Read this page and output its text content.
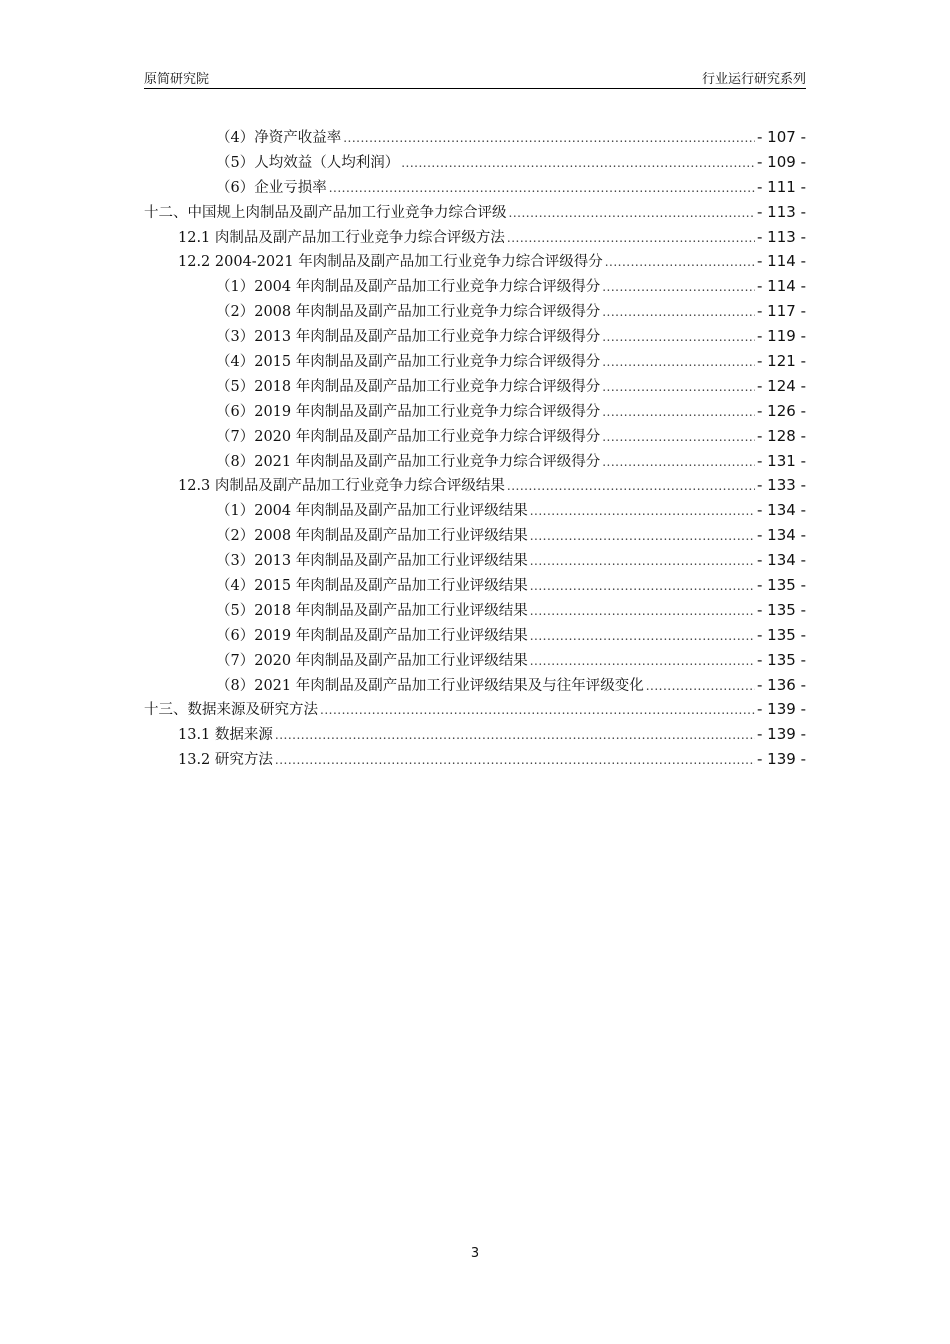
原简研究院	行业运行研究系列
（4）净资产收益率 .....	- 107 -
（5）人均效益（人均利润） .....	- 109 -
（6）企业亏损率 .....	- 111 -
十二、中国规上肉制品及副产品加工行业竞争力综合评级 .....	- 113 -
12.1 肉制品及副产品加工行业竞争力综合评级方法 .....	- 113 -
12.2 2004-2021 年肉制品及副产品加工行业竞争力综合评级得分 .....	- 114 -
（1）2004 年肉制品及副产品加工行业竞争力综合评级得分 .....	- 114 -
（2）2008 年肉制品及副产品加工行业竞争力综合评级得分 .....	- 117 -
（3）2013 年肉制品及副产品加工行业竞争力综合评级得分 .....	- 119 -
（4）2015 年肉制品及副产品加工行业竞争力综合评级得分 .....	- 121 -
（5）2018 年肉制品及副产品加工行业竞争力综合评级得分 .....	- 124 -
（6）2019 年肉制品及副产品加工行业竞争力综合评级得分 .....	- 126 -
（7）2020 年肉制品及副产品加工行业竞争力综合评级得分 .....	- 128 -
（8）2021 年肉制品及副产品加工行业竞争力综合评级得分 .....	- 131 -
12.3 肉制品及副产品加工行业竞争力综合评级结果 .....	- 133 -
（1）2004 年肉制品及副产品加工行业评级结果 .....	- 134 -
（2）2008 年肉制品及副产品加工行业评级结果 .....	- 134 -
（3）2013 年肉制品及副产品加工行业评级结果 .....	- 134 -
（4）2015 年肉制品及副产品加工行业评级结果 .....	- 135 -
（5）2018 年肉制品及副产品加工行业评级结果 .....	- 135 -
（6）2019 年肉制品及副产品加工行业评级结果 .....	- 135 -
（7）2020 年肉制品及副产品加工行业评级结果 .....	- 135 -
（8）2021 年肉制品及副产品加工行业评级结果及与往年评级变化 .....	- 136 -
十三、数据来源及研究方法 .....	- 139 -
13.1 数据来源 .....	- 139 -
13.2 研究方法 .....	- 139 -
3
